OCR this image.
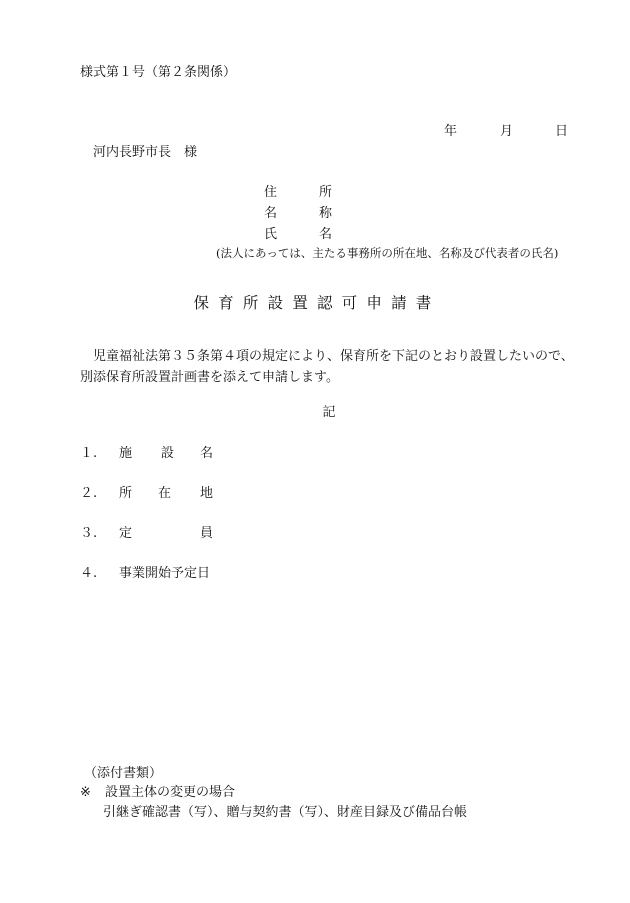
様式第１号（第２条関係）
年	月	日
河内長野市長　様
住	所
名	称
氏	名
(法人にあっては、主たる事務所の所在地、名称及び代表者の氏名)
保育所設置認可申請書

児童福祉法第３５条第４項の規定により、保育所を下記のとおり設置したいので、

別添保育所設置計画書を添えて申請します。

記
１. 施 設 名
２. 所 在 地
３. 定	員
４. 事業開始予定日
（添付書類）
※ 設置主体の変更の場合
引継ぎ確認書（写）、贈与契約書（写）、財産目録及び備品台帳
